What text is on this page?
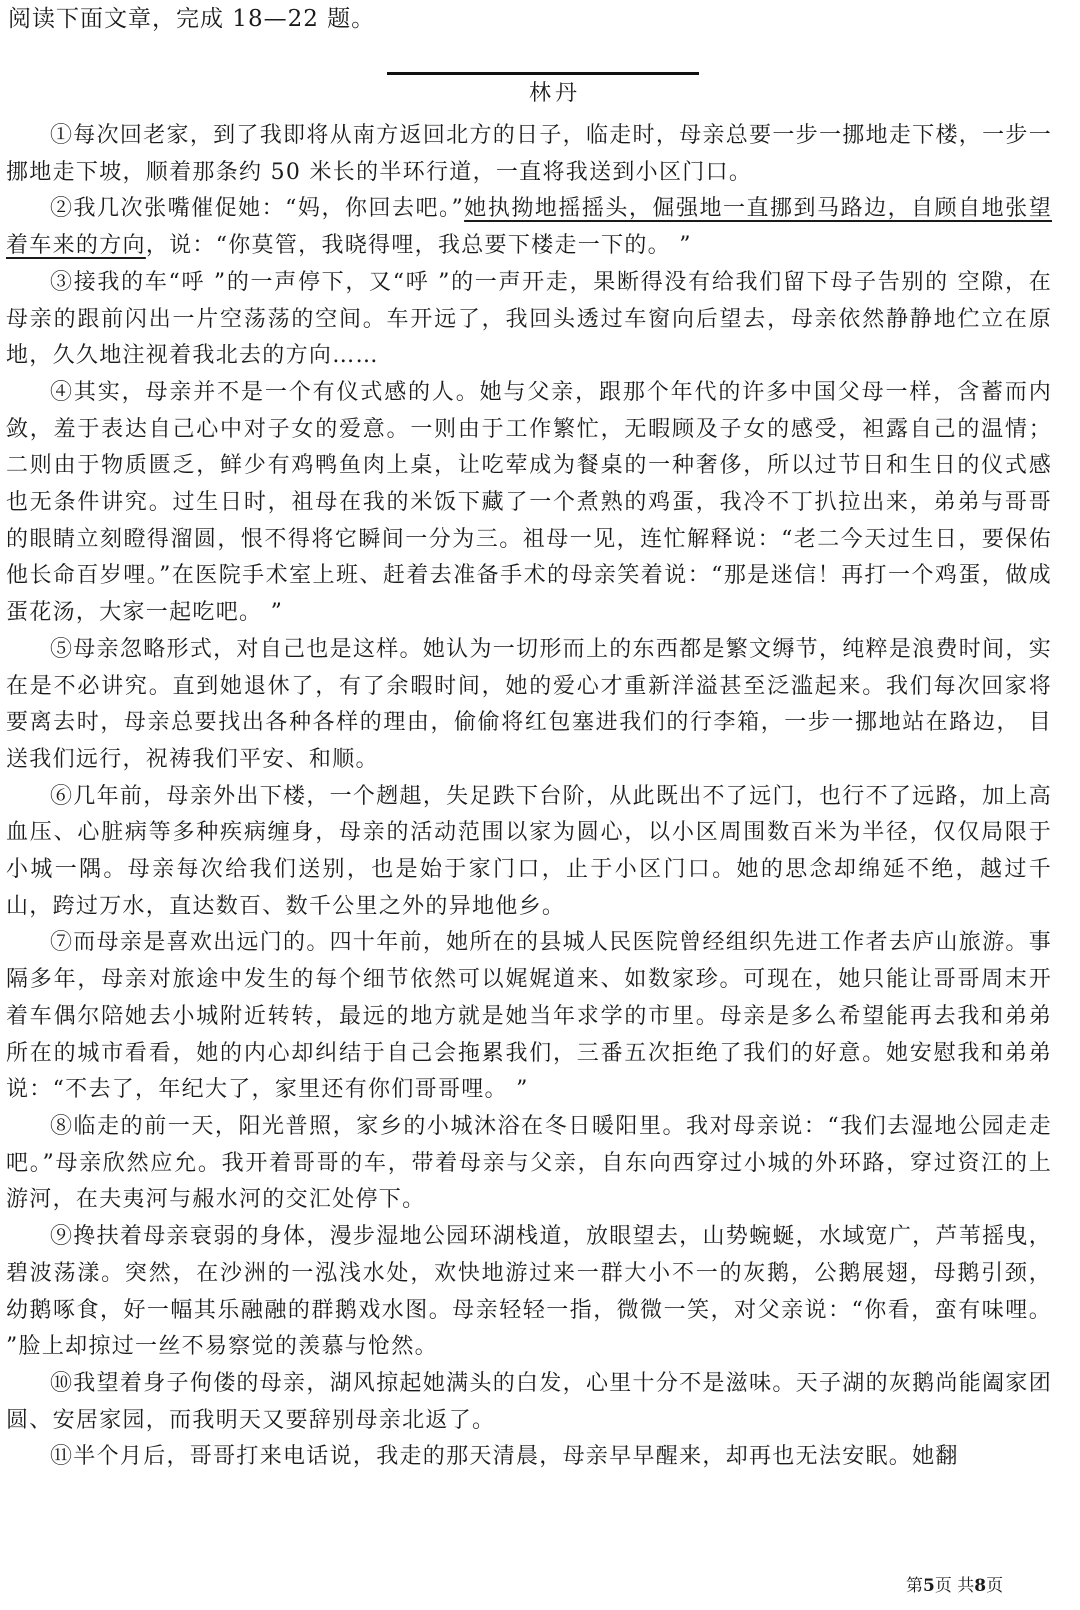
阅读下面文章，完成 18—22 题。
林丹

①每次回老家，到了我即将从南方返回北方的日子，临走时，母亲总要一步一挪地走下楼，一步一挪地走下坡，顺着那条约 50 米长的半环行道，一直将我送到小区门口。

②我几次张嘴催促她：“妈，你回去吧。”她执拗地摇摇头，倔强地一直挪到马路边，自顾自地张望着车来的方向，说：“你莫管，我晓得哩，我总要下楼走一下的。 ”

③接我的车“呼 ”的一声停下，又“呼 ”的一声开走，果断得没有给我们留下母子告别的 空隙，在母亲的跟前闪出一片空荡荡的空间。车开远了，我回头透过车窗向后望去，母亲依然静静地伫立在原地，久久地注视着我北去的方向……

④其实，母亲并不是一个有仪式感的人。她与父亲，跟那个年代的许多中国父母一样，含蓄而内敛，羞于表达自己心中对子女的爱意。一则由于工作繁忙，无暇顾及子女的感受，袒露自己的温情；二则由于物质匮乏，鲜少有鸡鸭鱼肉上桌，让吃荤成为餐桌的一种奢侈，所以过节日和生日的仪式感也无条件讲究。过生日时，祖母在我的米饭下藏了一个煮熟的鸡蛋，我冷不丁扒拉出来，弟弟与哥哥的眼睛立刻瞪得溜圆，恨不得将它瞬间一分为三。祖母一见，连忙解释说：“老二今天过生日，要保佑他长命百岁哩。”在医院手术室上班、赶着去准备手术的母亲笑着说：“那是迷信！再打一个鸡蛋，做成蛋花汤，大家一起吃吧。 ”

⑤母亲忽略形式，对自己也是这样。她认为一切形而上的东西都是繁文缛节，纯粹是浪费时间，实在是不必讲究。直到她退休了，有了余暇时间，她的爱心才重新洋溢甚至泛滥起来。我们每次回家将要离去时，母亲总要找出各种各样的理由，偷偷将红包塞进我们的行李箱，一步一挪地站在路边， 目送我们远行，祝祷我们平安、和顺。

⑥几年前，母亲外出下楼，一个趔趄，失足跌下台阶，从此既出不了远门，也行不了远路，加上高血压、心脏病等多种疾病缠身，母亲的活动范围以家为圆心，以小区周围数百米为半径，仅仅局限于小城一隅。母亲每次给我们送别，也是始于家门口，止于小区门口。她的思念却绵延不绝，越过千山，跨过万水，直达数百、数千公里之外的异地他乡。

⑦而母亲是喜欢出远门的。四十年前，她所在的县城人民医院曾经组织先进工作者去庐山旅游。事隔多年，母亲对旅途中发生的每个细节依然可以娓娓道来、如数家珍。可现在，她只能让哥哥周末开着车偶尔陪她去小城附近转转，最远的地方就是她当年求学的市里。母亲是多么希望能再去我和弟弟所在的城市看看，她的内心却纠结于自己会拖累我们，三番五次拒绝了我们的好意。她安慰我和弟弟说：“不去了，年纪大了，家里还有你们哥哥哩。 ”

⑧临走的前一天，阳光普照，家乡的小城沐浴在冬日暖阳里。我对母亲说：“我们去湿地公园走走吧。”母亲欣然应允。我开着哥哥的车，带着母亲与父亲，自东向西穿过小城的外环路，穿过资江的上游河，在夫夷河与赧水河的交汇处停下。

⑨搀扶着母亲衰弱的身体，漫步湿地公园环湖栈道，放眼望去，山势蜿蜒，水域宽广，芦苇摇曳，碧波荡漾。突然，在沙洲的一泓浅水处，欢快地游过来一群大小不一的灰鹅，公鹅展翅，母鹅引颈，幼鹅啄食，好一幅其乐融融的群鹅戏水图。母亲轻轻一指，微微一笑，对父亲说：“你看，蛮有味哩。 ”脸上却掠过一丝不易察觉的羡慕与怆然。

⑩我望着身子佝偻的母亲，湖风掠起她满头的白发，心里十分不是滋味。天子湖的灰鹅尚能阖家团圆、安居家园，而我明天又要辞别母亲北返了。

⑪半个月后，哥哥打来电话说，我走的那天清晨，母亲早早醒来，却再也无法安眠。她翻

第5页 共8页
